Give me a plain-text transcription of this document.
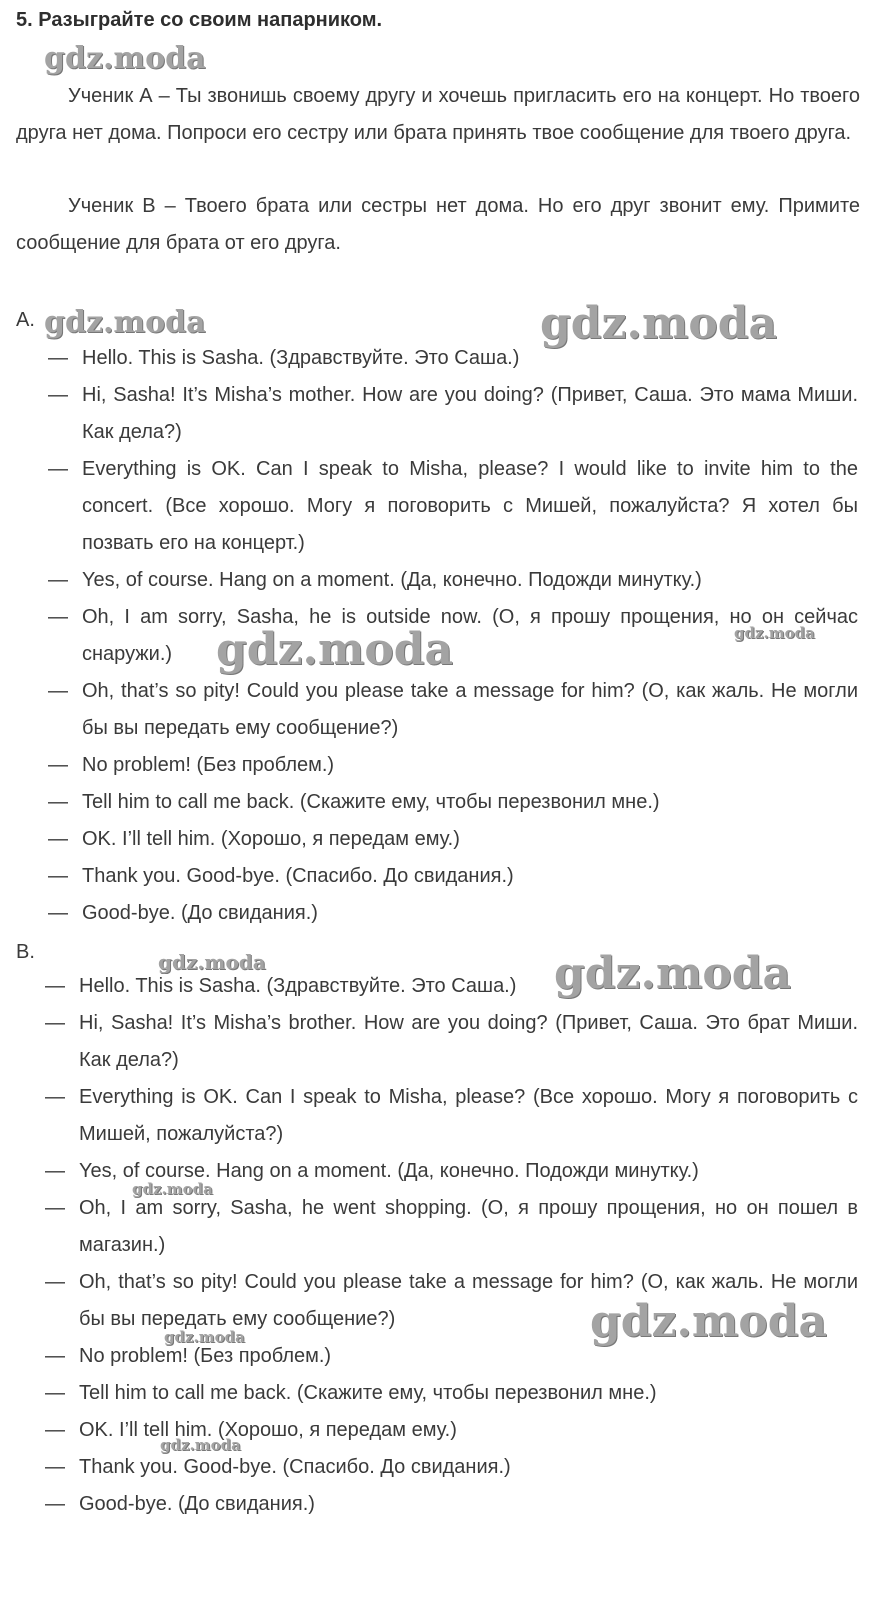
5. Разыграйте со своим напарником.

Ученик А – Ты звонишь своему другу и хочешь пригласить его на концерт. Но твоего друга нет дома. Попроси его сестру или брата принять твое сообщение для твоего друга.

Ученик В – Твоего брата или сестры нет дома. Но его друг звонит ему. Примите сообщение для брата от его друга.

A.
— Hello. This is Sasha. (Здравствуйте. Это Саша.)
— Hi, Sasha! It’s Misha’s mother. How are you doing? (Привет, Саша. Это мама Миши. Как дела?)
— Everything is OK. Can I speak to Misha, please? I would like to invite him to the concert. (Все хорошо. Могу я поговорить с Мишей, пожалуйста? Я хотел бы позвать его на концерт.)
— Yes, of course. Hang on a moment. (Да, конечно. Подожди минутку.)
— Oh, I am sorry, Sasha, he is outside now. (О, я прошу прощения, но он сейчас снаружи.)
— Oh, that’s so pity! Could you please take a message for him? (О, как жаль. Не могли бы вы передать ему сообщение?)
— No problem! (Без проблем.)
— Tell him to call me back. (Скажите ему, чтобы перезвонил мне.)
— OK. I’ll tell him. (Хорошо, я передам ему.)
— Thank you. Good-bye. (Спасибо. До свидания.)
— Good-bye. (До свидания.)
B.
— Hello. This is Sasha. (Здравствуйте. Это Саша.)
— Hi, Sasha! It’s Misha’s brother. How are you doing? (Привет, Саша. Это брат Миши. Как дела?)
— Everything is OK. Can I speak to Misha, please? (Все хорошо. Могу я поговорить с Мишей, пожалуйста?)
— Yes, of course. Hang on a moment. (Да, конечно. Подожди минутку.)
— Oh, I am sorry, Sasha, he went shopping. (О, я прошу прощения, но он пошел в магазин.)
— Oh, that’s so pity! Could you please take a message for him? (О, как жаль. Не могли бы вы передать ему сообщение?)
— No problem! (Без проблем.)
— Tell him to call me back. (Скажите ему, чтобы перезвонил мне.)
— OK. I’ll tell him. (Хорошо, я передам ему.)
— Thank you. Good-bye. (Спасибо. До свидания.)
— Good-bye. (До свидания.)
gdz.moda
gdz.moda	gdz.moda
gdz.moda	gdz.moda
gdz.moda	gdz.moda
gdz.moda
gdz.moda
gdz.moda
gdz.moda
